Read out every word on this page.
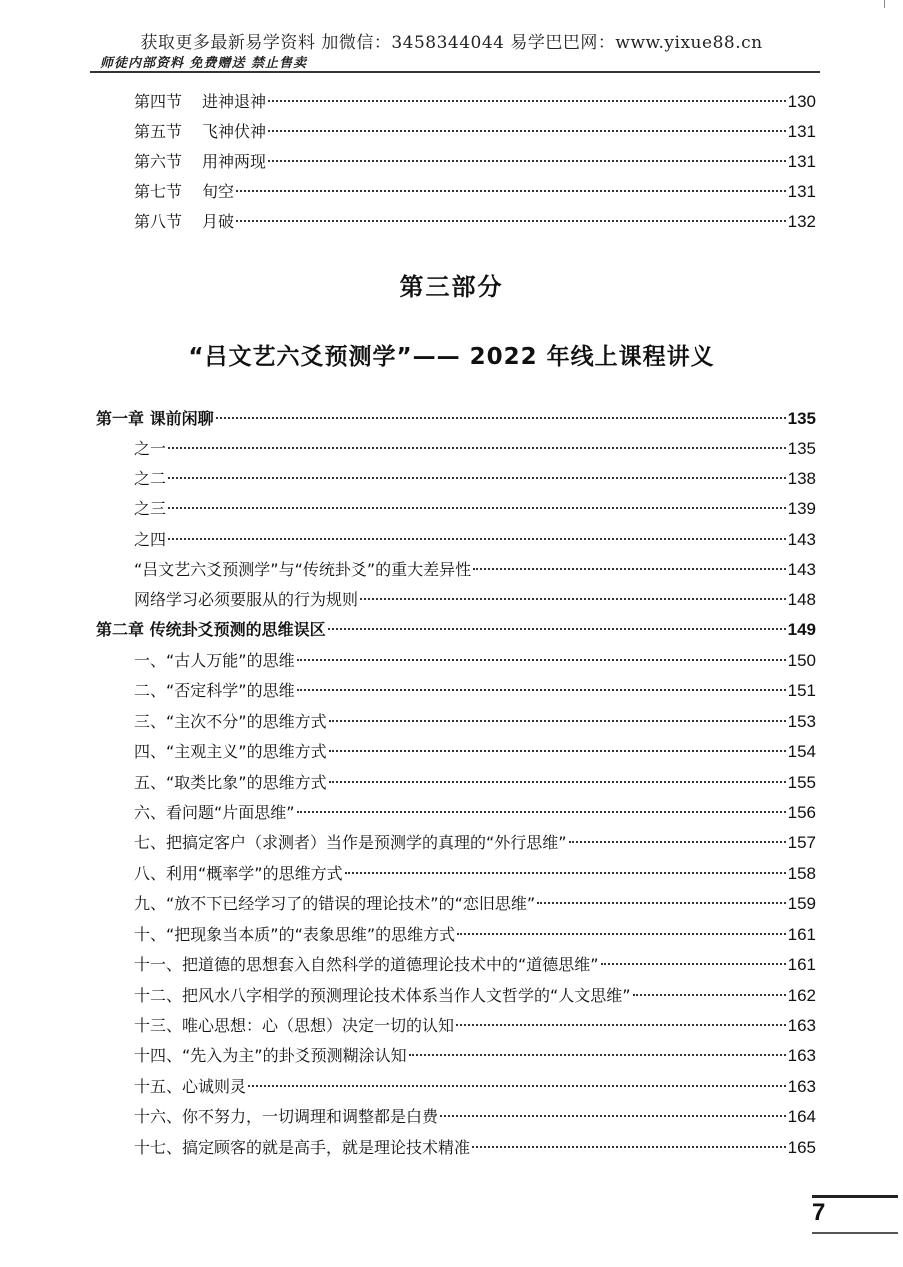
获取更多最新易学资料 加微信：3458344044 易学巴巴网：www.yixue88.cn
师徒内部资料 免费赠送 禁止售卖
第四节 进神退神	130
第五节 飞神伏神	131
第六节 用神两现	131
第七节 旬空	131
第八节 月破	132
第三部分
“吕文艺六爻预测学”—— 2022 年线上课程讲义
第一章 课前闲聊	135
之一	135
之二	138
之三	139
之四	143
“吕文艺六爻预测学”与“传统卦爻”的重大差异性	143
网络学习必须要服从的行为规则	148
第二章 传统卦爻预测的思维误区	149
一、“古人万能”的思维	150
二、“否定科学”的思维	151
三、“主次不分”的思维方式	153
四、“主观主义”的思维方式	154
五、“取类比象”的思维方式	155
六、看问题“片面思维”	156
七、把搞定客户（求测者）当作是预测学的真理的“外行思维”	157
八、利用“概率学”的思维方式	158
九、“放不下已经学习了的错误的理论技术”的“恋旧思维”	159
十、“把现象当本质”的“表象思维”的思维方式	161
十一、把道德的思想套入自然科学的道德理论技术中的“道德思维”	161
十二、把风水八字相学的预测理论技术体系当作人文哲学的“人文思维”	162
十三、唯心思想：心（思想）决定一切的认知	163
十四、“先入为主”的卦爻预测糊涂认知	163
十五、心诚则灵	163
十六、你不努力，一切调理和调整都是白费	164
十七、搞定顾客的就是高手，就是理论技术精准	165
7
